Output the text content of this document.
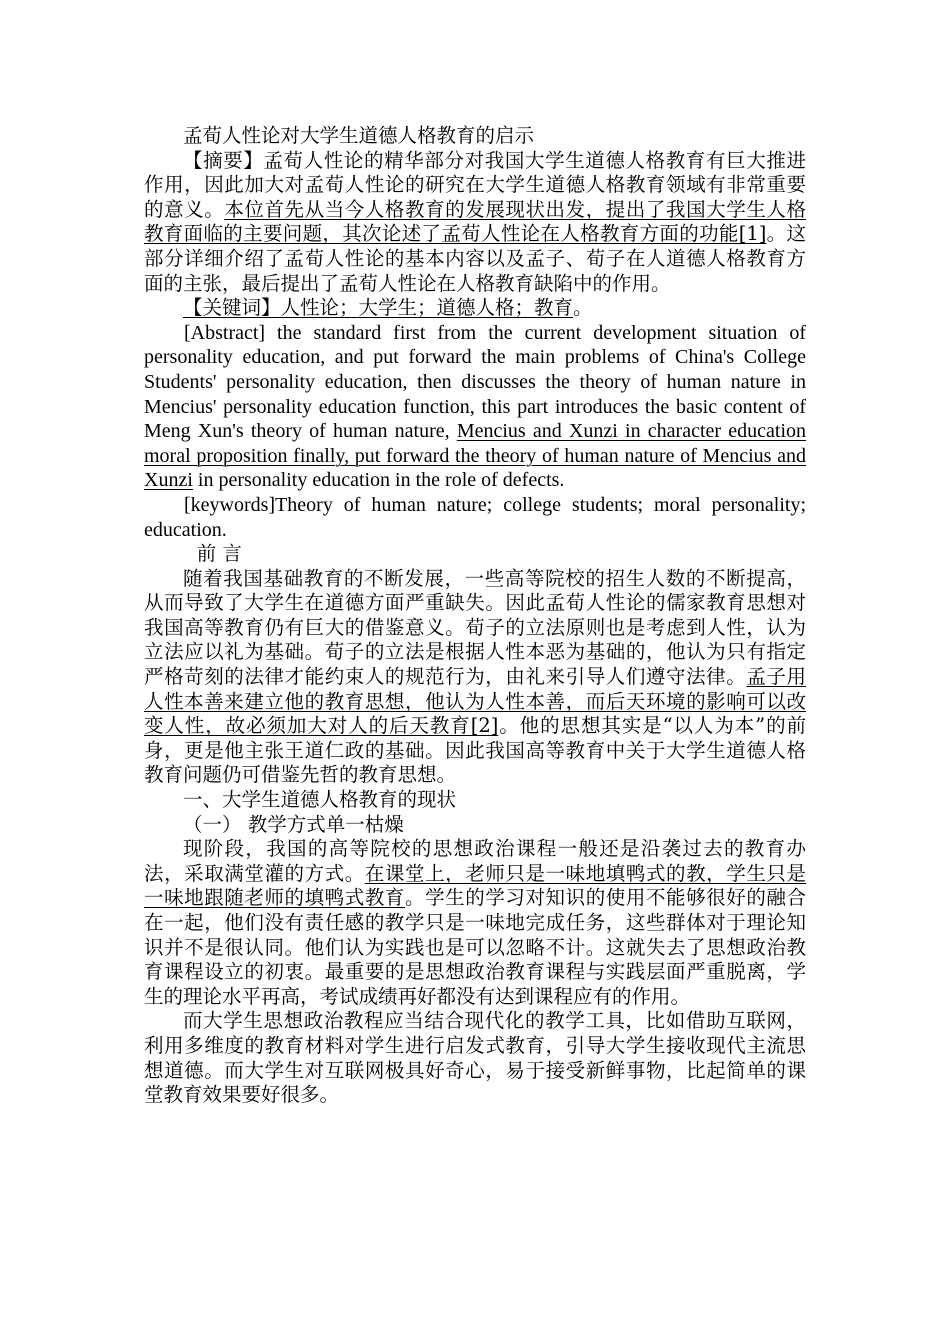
孟荀人性论对大学生道德人格教育的启示

【摘要】孟荀人性论的精华部分对我国大学生道德人格教育有巨大推进作用，因此加大对孟荀人性论的研究在大学生道德人格教育领域有非常重要的意义。本位首先从当今人格教育的发展现状出发，提出了我国大学生人格教育面临的主要问题，其次论述了孟荀人性论在人格教育方面的功能[1]。这部分详细介绍了孟荀人性论的基本内容以及孟子、荀子在人道德人格教育方面的主张，最后提出了孟荀人性论在人格教育缺陷中的作用。

【关键词】人性论；大学生；道德人格；教育。

[Abstract] the standard first from the current development situation of personality education, and put forward the main problems of China's College Students' personality education, then discusses the theory of human nature in Mencius' personality education function, this part introduces the basic content of Meng Xun's theory of human nature, Mencius and Xunzi in character education moral proposition finally, put forward the theory of human nature of Mencius and Xunzi in personality education in the role of defects.

[keywords]Theory of human nature; college students; moral personality; education.

前 言

随着我国基础教育的不断发展，一些高等院校的招生人数的不断提高，从而导致了大学生在道德方面严重缺失。因此孟荀人性论的儒家教育思想对我国高等教育仍有巨大的借鉴意义。荀子的立法原则也是考虑到人性，认为立法应以礼为基础。荀子的立法是根据人性本恶为基础的，他认为只有指定严格苛刻的法律才能约束人的规范行为，由礼来引导人们遵守法律。孟子用人性本善来建立他的教育思想，他认为人性本善，而后天环境的影响可以改变人性，故必须加大对人的后天教育[2]。他的思想其实是“以人为本”的前身，更是他主张王道仁政的基础。因此我国高等教育中关于大学生道德人格教育问题仍可借鉴先哲的教育思想。

一、大学生道德人格教育的现状

（一） 教学方式单一枯燥

现阶段，我国的高等院校的思想政治课程一般还是沿袭过去的教育办法，采取满堂灌的方式。在课堂上，老师只是一味地填鸭式的教，学生只是一味地跟随老师的填鸭式教育。学生的学习对知识的使用不能够很好的融合在一起，他们没有责任感的教学只是一味地完成任务，这些群体对于理论知识并不是很认同。他们认为实践也是可以忽略不计。这就失去了思想政治教育课程设立的初衷。最重要的是思想政治教育课程与实践层面严重脱离，学生的理论水平再高，考试成绩再好都没有达到课程应有的作用。

而大学生思想政治教程应当结合现代化的教学工具，比如借助互联网，利用多维度的教育材料对学生进行启发式教育，引导大学生接收现代主流思想道德。而大学生对互联网极具好奇心，易于接受新鲜事物，比起简单的课堂教育效果要好很多。
